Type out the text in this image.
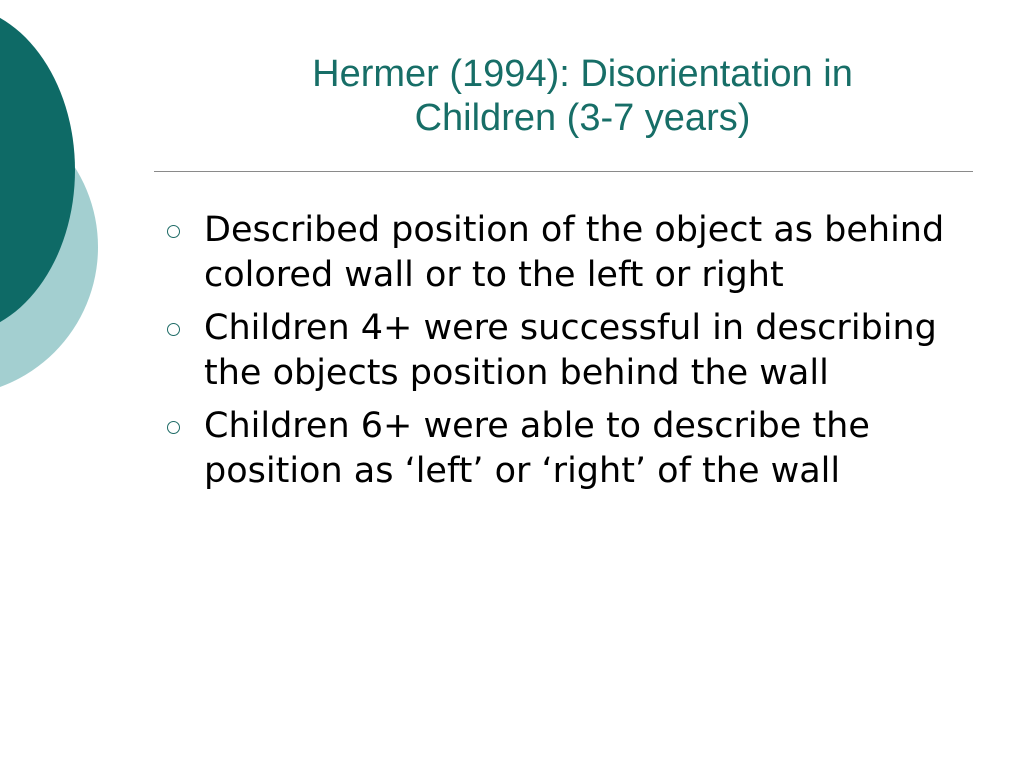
Hermer (1994): Disorientation in
Children (3-7 years)
Described position of the object as behind colored wall or to the left or right
Children 4+ were successful in describing the objects position behind the wall
Children 6+ were able to describe the position as ‘left’ or ‘right’ of the wall
